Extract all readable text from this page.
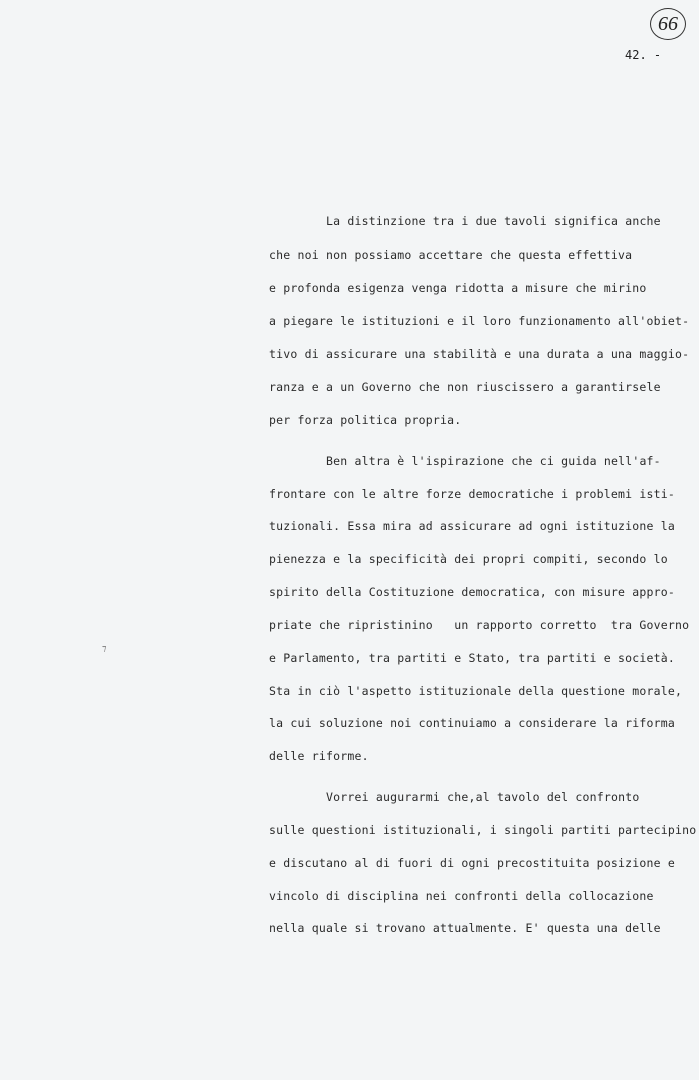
66
42. -
⁊
La distinzione tra i due tavoli significa anche
che noi non possiamo accettare che questa effettiva
e profonda esigenza venga ridotta a misure che mirino
a piegare le istituzioni e il loro funzionamento all'obiet-
tivo di assicurare una stabilità e una durata a una maggio-
ranza e a un Governo che non riuscissero a garantirsele
per forza politica propria.
Ben altra è l'ispirazione che ci guida nell'af-
frontare con le altre forze democratiche i problemi isti-
tuzionali. Essa mira ad assicurare ad ogni istituzione la
pienezza e la specificità dei propri compiti, secondo lo
spirito della Costituzione democratica, con misure appro-
priate che ripristinino   un rapporto corretto  tra Governo
e Parlamento, tra partiti e Stato, tra partiti e società.
Sta in ciò l'aspetto istituzionale della questione morale,
la cui soluzione noi continuiamo a considerare la riforma
delle riforme.
Vorrei augurarmi che,al tavolo del confronto
sulle questioni istituzionali, i singoli partiti partecipino
e discutano al di fuori di ogni precostituita posizione e
vincolo di disciplina nei confronti della collocazione
nella quale si trovano attualmente. E' questa una delle
